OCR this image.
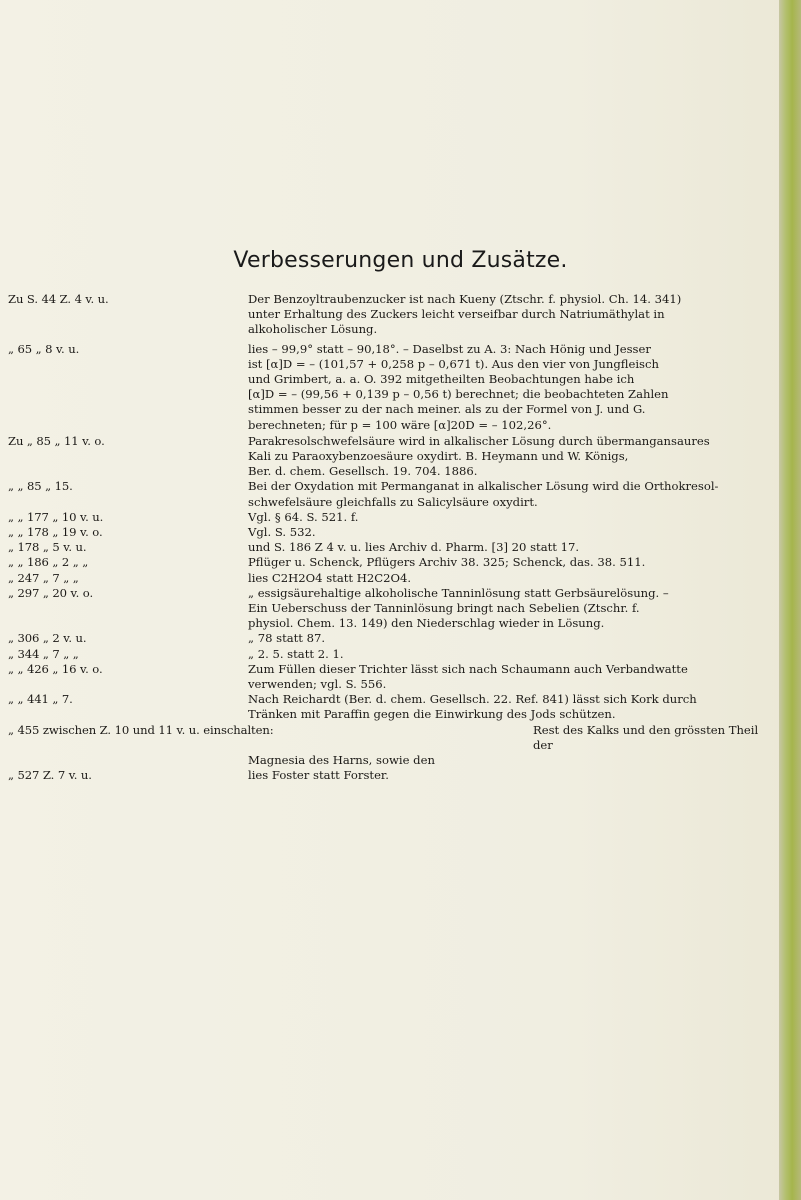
Verbesserungen und Zusätze.
Zu S. 44 Z. 4 v. u.	Der Benzoyltraubenzucker ist nach Kueny (Ztschr. f. physiol. Ch. 14. 341)
unter Erhaltung des Zuckers leicht verseifbar durch Natriumäthylat in
alkoholischer Lösung.
„ 65 „ 8 v. u.	lies – 99,9° statt – 90,18°. – Daselbst zu A. 3: Nach Hönig und Jesser
ist [α]D = – (101,57 + 0,258 p – 0,671 t). Aus den vier von Jungfleisch
und Grimbert, a. a. O. 392 mitgetheilten Beobachtungen habe ich
[α]D = – (99,56 + 0,139 p – 0,56 t) berechnet; die beobachteten Zahlen
stimmen besser zu der nach meiner. als zu der Formel von J. und G.
berechneten; für p = 100 wäre [α]20D = – 102,26°.
Zu „ 85 „ 11 v. o.	Parakresolschwefelsäure wird in alkalischer Lösung durch übermangansaures
Kali zu Paraoxybenzoesäure oxydirt. B. Heymann und W. Königs,
Ber. d. chem. Gesellsch. 19. 704. 1886.
„ „ 85 „ 15.	Bei der Oxydation mit Permanganat in alkalischer Lösung wird die Orthokresol-
schwefelsäure gleichfalls zu Salicylsäure oxydirt.
„ „ 177 „ 10 v. u.	Vgl. § 64. S. 521. f.
„ „ 178 „ 19 v. o.	Vgl. S. 532.
„ 178 „ 5 v. u.	und S. 186 Z 4 v. u. lies Archiv d. Pharm. [3] 20 statt 17.
„ „ 186 „ 2 „ „	Pflüger u. Schenck, Pflügers Archiv 38. 325; Schenck, das. 38. 511.
„ 247 „ 7 „ „	lies C2H2O4 statt H2C2O4.
„ 297 „ 20 v. o.	„ essigsäurehaltige alkoholische Tanninlösung statt Gerbsäurelösung. –
Ein Ueberschuss der Tanninlösung bringt nach Sebelien (Ztschr. f.
physiol. Chem. 13. 149) den Niederschlag wieder in Lösung.
„ 306 „ 2 v. u.	„ 78 statt 87.
„ 344 „ 7 „ „	„ 2. 5. statt 2. 1.
„ „ 426 „ 16 v. o.	Zum Füllen dieser Trichter lässt sich nach Schaumann auch Verbandwatte
verwenden; vgl. S. 556.
„ „ 441 „ 7.	Nach Reichardt (Ber. d. chem. Gesellsch. 22. Ref. 841) lässt sich Kork durch
Tränken mit Paraffin gegen die Einwirkung des Jods schützen.
„ 455 zwischen Z. 10 und 11 v. u. einschalten:	Rest des Kalks und den grössten Theil der
Magnesia des Harns, sowie den
„ 527 Z. 7 v. u.	lies Foster statt Forster.
